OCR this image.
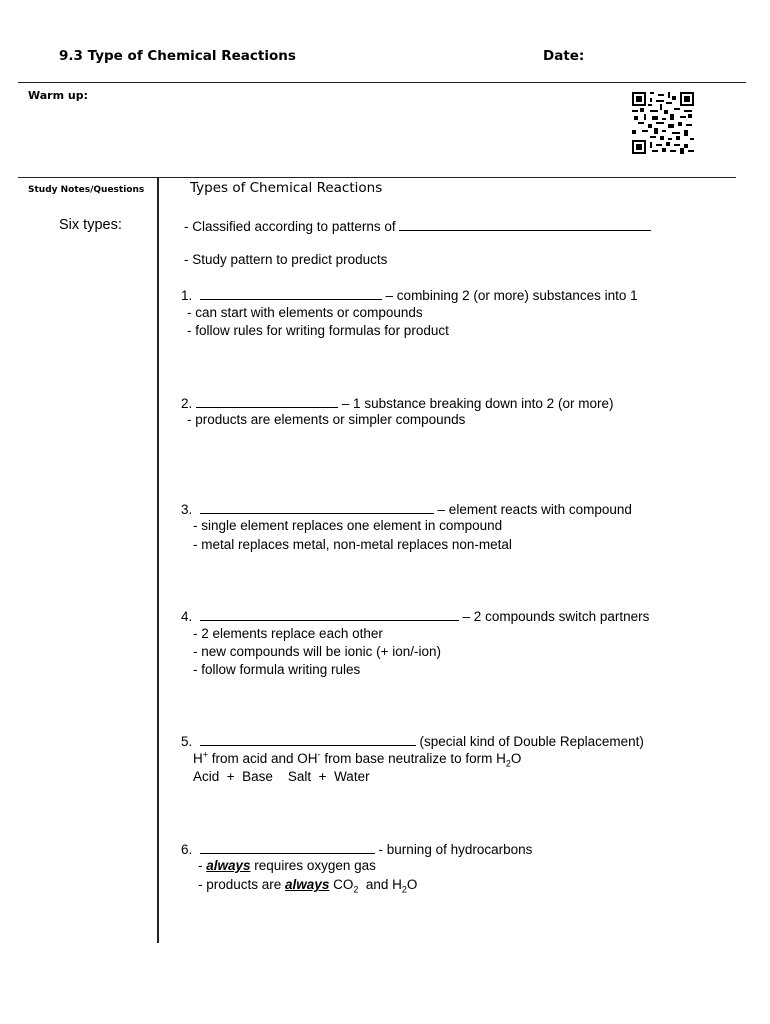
9.3 Type of Chemical Reactions	Date:
Warm up:
Study Notes/Questions
Six types:
Types of Chemical Reactions
- Classified according to patterns of
- Study pattern to predict products
1.	– combining 2 (or more) substances into 1
- can start with elements or compounds
- follow rules for writing formulas for product
2.	– 1 substance breaking down into 2 (or more)
- products are elements or simpler compounds
3.	– element reacts with compound
- single element replaces one element in compound
- metal replaces metal, non-metal replaces non-metal
4.	– 2 compounds switch partners
- 2 elements replace each other
- new compounds will be ionic (+ ion/-ion)
- follow formula writing rules
5.	(special kind of Double Replacement)
H+ from acid and OH- from base neutralize to form $H_2O$
Acid  +  Base    Salt  +  Water
6.	- burning of hydrocarbons
- always requires oxygen gas
- products are always $CO_2$  and $H_2O$
